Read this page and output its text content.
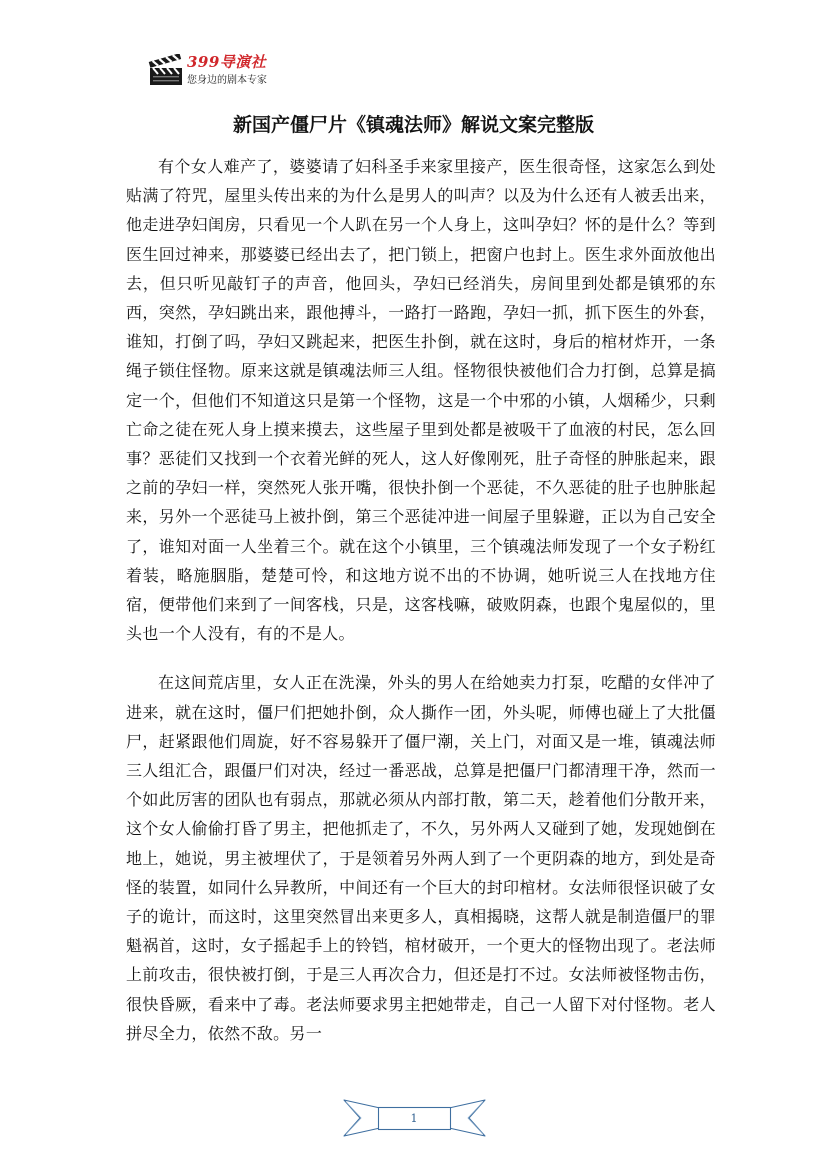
399导演社
您身边的剧本专家
新国产僵尸片《镇魂法师》解说文案完整版

有个女人难产了，婆婆请了妇科圣手来家里接产，医生很奇怪，这家怎么到处贴满了符咒，屋里头传出来的为什么是男人的叫声？以及为什么还有人被丢出来，他走进孕妇闺房，只看见一个人趴在另一个人身上，这叫孕妇？怀的是什么？等到医生回过神来，那婆婆已经出去了，把门锁上，把窗户也封上。医生求外面放他出去，但只听见敲钉子的声音，他回头，孕妇已经消失，房间里到处都是镇邪的东西，突然，孕妇跳出来，跟他搏斗，一路打一路跑，孕妇一抓，抓下医生的外套，谁知，打倒了吗，孕妇又跳起来，把医生扑倒，就在这时，身后的棺材炸开，一条绳子锁住怪物。原来这就是镇魂法师三人组。怪物很快被他们合力打倒，总算是搞定一个，但他们不知道这只是第一个怪物，这是一个中邪的小镇，人烟稀少，只剩亡命之徒在死人身上摸来摸去，这些屋子里到处都是被吸干了血液的村民，怎么回事？恶徒们又找到一个衣着光鲜的死人，这人好像刚死，肚子奇怪的肿胀起来，跟之前的孕妇一样，突然死人张开嘴，很快扑倒一个恶徒，不久恶徒的肚子也肿胀起来，另外一个恶徒马上被扑倒，第三个恶徒冲进一间屋子里躲避，正以为自己安全了，谁知对面一人坐着三个。就在这个小镇里，三个镇魂法师发现了一个女子粉红着装，略施胭脂，楚楚可怜，和这地方说不出的不协调，她听说三人在找地方住宿，便带他们来到了一间客栈，只是，这客栈嘛，破败阴森，也跟个鬼屋似的，里头也一个人没有，有的不是人。

在这间荒店里，女人正在洗澡，外头的男人在给她卖力打泵，吃醋的女伴冲了进来，就在这时，僵尸们把她扑倒，众人撕作一团，外头呢，师傅也碰上了大批僵尸，赶紧跟他们周旋，好不容易躲开了僵尸潮，关上门，对面又是一堆，镇魂法师三人组汇合，跟僵尸们对决，经过一番恶战，总算是把僵尸门都清理干净，然而一个如此厉害的团队也有弱点，那就必须从内部打散，第二天，趁着他们分散开来，这个女人偷偷打昏了男主，把他抓走了，不久，另外两人又碰到了她，发现她倒在地上，她说，男主被埋伏了，于是领着另外两人到了一个更阴森的地方，到处是奇怪的装置，如同什么异教所，中间还有一个巨大的封印棺材。女法师很怪识破了女子的诡计，而这时，这里突然冒出来更多人，真相揭晓，这帮人就是制造僵尸的罪魁祸首，这时，女子摇起手上的铃铛，棺材破开，一个更大的怪物出现了。老法师上前攻击，很快被打倒，于是三人再次合力，但还是打不过。女法师被怪物击伤，很快昏厥，看来中了毒。老法师要求男主把她带走，自己一人留下对付怪物。老人拼尽全力，依然不敌。另一

1
